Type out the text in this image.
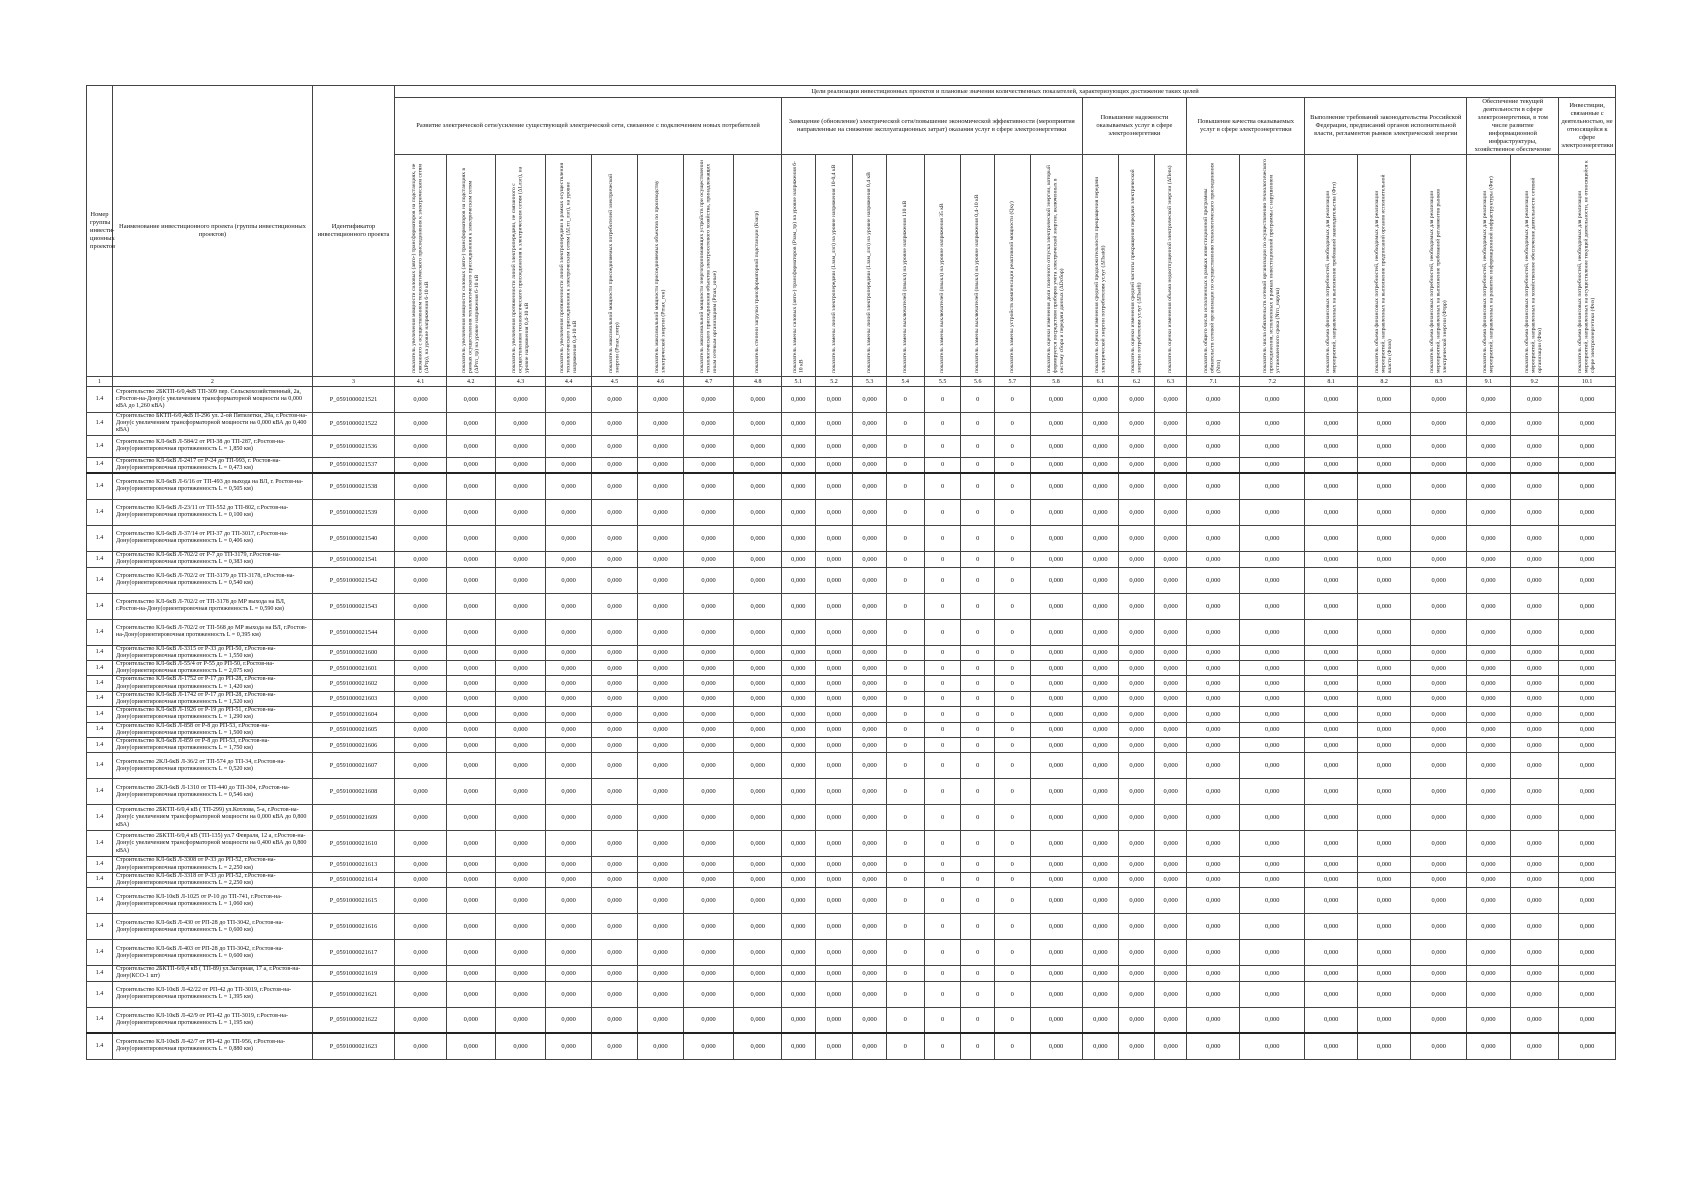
Номер группы инвести- ционных проектов	Наименование инвестиционного проекта (группы инвестиционных проектов)	Идентификатор инвестиционного проекта	Цели реализации инвестиционных проектов и плановые значения количественных показателей, характеризующих достижение таких целей																										
			Развитие электрической сети/усиление существующей электрической сети, связанное с подключением новых потребителей								Замещение (обновление) электрической сети/повышение экономической эффективности (мероприятия направленные на снижение эксплуатационных затрат) оказания услуг в сфере электроэнергетики								Повышение надежности оказываемых услуг в сфере электроэнергетики			Повышение качества оказываемых услуг в сфере электроэнергетики		Выполнение требований законодательства Российской Федерации, предписаний органов исполнительной власти, регламентов рынков электрической энергии			Обеспечение текущей деятельности в сфере электроэнергетики, в том числе развитие информационной инфраструктуры, хозяйственное обеспечение		Инвестиции, связанные с деятельностью, не относящейся к сфере электроэнергетики

			показатель увеличения мощности силовых (авто-) трансформаторов на подстанциях, не связанного с осуществлением технологического присоединения к электрическим сетям (ΔPтр), на уровне напряжения 6-10 кВ	показатель увеличения мощности силовых (авто-) трансформаторов на подстанциях в рамках осуществления технологического присоединения к электрическим сетям (ΔPтп_тр) на уровне напряжения 6-10 кВ	показатель увеличения протяженности линий электропередачи, не связанного с осуществлением технологического присоединения к электрическим сетям (ΔLлэп), на уровне напряжения 0,4-10 кВ	показатель увеличения протяженности линий электропередачи в рамках осуществления технологического присоединения к электрическим сетям (ΔLтп_лэп), на уровне напряжения 0,4-10 кВ	показатель максимальной мощности присоединяемых потребителей электрической энергии (Pmax_потр)	показатель максимальной мощности присоединяемых объектов по производству электрической энергии (Pmax_ген)	показатель максимальной мощности энергопринимающих устройств при осуществлении технологического присоединения объектов электросетевого хозяйства, принадлежащих иным сетевым организациям (Pmax_иные)	показатель степени загрузки трансформаторной подстанции (Кзагр)	показатель замены силовых (авто-) трансформаторов (Pзам_тр) на уровне напряжения 6-10 кВ	показатель замены линий электропередачи (Lзам_лэп) на уровне напряжения 10-0,4 кВ	показатель замены линий электропередачи (Lзам_лэп) на уровне напряжения 0,4 кВ	показатель замены выключателей (nвыкл) на уровне напряжения 110 кВ	показатель замены выключателей (nвыкл) на уровне напряжения 35 кВ	показатель замены выключателей (nвыкл) на уровне напряжения 0,4-10 кВ	показатель замены устройств компенсации реактивной мощности (Qку)	показатель оценки изменения доли полезного отпуска электрической энергии, который формируется посредством приборов учета электрической энергии, включенных в систему сбора и передачи данных (ΔDсбор)	показатель оценки изменения средней продолжительности прекращения передачи электрической энергии потребителям услуг (ΔПsaidi)	показатель оценки изменения средней частоты прекращения передачи электрической энергии потребителям услуг (ΔПsaifi)	показатель оценки изменения объема недоотпущенной электрической энергии (ΔПens)	показатель общего числа исполненных в рамках инвестиционной программы обязательств сетевой организации по осуществлению технологического присоединения (Nтп)	показатель числа обязательств сетевой организации по осуществлению технологического присоединения, исполненных в рамках инвестиционной программы с нарушением установленного срока (Nтп_наруш)	показатель объема финансовых потребностей, необходимых для реализации мероприятий, направленных на выполнение требований законодательства (Фтз)	показатель объема финансовых потребностей, необходимых для реализации мероприятий, направленных на выполнение предписаний органов исполнительной власти (Фпов)	показатель объема финансовых потребностей, необходимых для реализации мероприятий, направленных на выполнение требований регламентов рынков электрической энергии (Фтрр)	показатель объема финансовых потребностей, необходимых для реализации мероприятий, направленных на развитие информационной инфраструктуры (Фит)	показатель объема финансовых потребностей, необходимых для реализации мероприятий, направленных на хозяйственное обеспечение деятельности сетевой организации (Фхо)	показатель объема финансовых потребностей, необходимых для реализации мероприятий, направленных на осуществление текущей деятельности, не относящейся к сфере электроэнергетики (Фнэ)

1	2	3	4.1	4.2	4.3	4.4	4.5	4.6	4.7	4.8	5.1	5.2	5.3	5.4	5.5	5.6	5.7	5.8	6.1	6.2	6.3	7.1	7.2	8.1	8.2	8.3	9.1	9.2	10.1
1.4	Строительство 2БКТП-6/0,4кВ ТП-309 пер. Сельскохозяйственный, 2а, г.Ростов-на-Дону(с увеличением трансформаторной мощности на 0,000 кВА до 1,260 кВА)	P_0591000021521	0,000	0,000	0,000	0,000	0,000	0,000	0,000	0,000	0,000	0,000	0,000	0	0	0	0	0,000	0,000	0,000	0,000	0,000	0,000	0,000	0,000	0,000	0,000	0,000	0,000
1.4	Строительство БКТП-6/0,4кВ П-296 ул. 2-ой Пятилетки, 29а, г.Ростов-на-Дону(с увеличением трансформаторной мощности на 0,000 кВА до 0,400 кВА)	P_0591000021522	0,000	0,000	0,000	0,000	0,000	0,000	0,000	0,000	0,000	0,000	0,000	0	0	0	0	0,000	0,000	0,000	0,000	0,000	0,000	0,000	0,000	0,000	0,000	0,000	0,000
1.4	Строительство КЛ-6кВ Л-584/2 от РП-38 до ТП-287, г.Ростов-на-Дону(ориентировочная протяженность L = 1,850 км)	P_0591000021536	0,000	0,000	0,000	0,000	0,000	0,000	0,000	0,000	0,000	0,000	0,000	0	0	0	0	0,000	0,000	0,000	0,000	0,000	0,000	0,000	0,000	0,000	0,000	0,000	0,000
1.4	Строительство КЛ-6кВ Л-2417 от Р-24 до ТП-993, г. Ростов-на-Дону(ориентировочная протяженность L = 0,473 км)	P_0591000021537	0,000	0,000	0,000	0,000	0,000	0,000	0,000	0,000	0,000	0,000	0,000	0	0	0	0	0,000	0,000	0,000	0,000	0,000	0,000	0,000	0,000	0,000	0,000	0,000	0,000
1.4	Строительство КЛ-6кВ Л-6/16 от ТП-493 до выхода на ВЛ, г. Ростов-на-Дону(ориентировочная протяженность L = 0,505 км)	P_0591000021538	0,000	0,000	0,000	0,000	0,000	0,000	0,000	0,000	0,000	0,000	0,000	0	0	0	0	0,000	0,000	0,000	0,000	0,000	0,000	0,000	0,000	0,000	0,000	0,000	0,000
1.4	Строительство КЛ-6кВ Л-23/11 от ТП-552 до ТП-802, г.Ростов-на-Дону(ориентировочная протяженность L = 0,100 км)	P_0591000021539	0,000	0,000	0,000	0,000	0,000	0,000	0,000	0,000	0,000	0,000	0,000	0	0	0	0	0,000	0,000	0,000	0,000	0,000	0,000	0,000	0,000	0,000	0,000	0,000	0,000
1.4	Строительство КЛ-6кВ Л-37/14 от РП-37 до ТП-3017, г.Ростов-на-Дону(ориентировочная протяженность L = 0,406 км)	P_0591000021540	0,000	0,000	0,000	0,000	0,000	0,000	0,000	0,000	0,000	0,000	0,000	0	0	0	0	0,000	0,000	0,000	0,000	0,000	0,000	0,000	0,000	0,000	0,000	0,000	0,000
1.4	Строительство КЛ-6кВ Л-702/2 от Р-7 до ТП-3179, г.Ростов-на-Дону(ориентировочная протяженность L = 0,383 км)	P_0591000021541	0,000	0,000	0,000	0,000	0,000	0,000	0,000	0,000	0,000	0,000	0,000	0	0	0	0	0,000	0,000	0,000	0,000	0,000	0,000	0,000	0,000	0,000	0,000	0,000	0,000
1.4	Строительство КЛ-6кВ Л-702/2 от ТП-3179 до ТП-3178, г.Ростов-на-Дону(ориентировочная протяженность L = 0,540 км)	P_0591000021542	0,000	0,000	0,000	0,000	0,000	0,000	0,000	0,000	0,000	0,000	0,000	0	0	0	0	0,000	0,000	0,000	0,000	0,000	0,000	0,000	0,000	0,000	0,000	0,000	0,000
1.4	Строительство КЛ-6кВ Л-702/2 от ТП-3178 до МР выхода на ВЛ, г.Ростов-на-Дону(ориентировочная протяженность L = 0,590 км)	P_0591000021543	0,000	0,000	0,000	0,000	0,000	0,000	0,000	0,000	0,000	0,000	0,000	0	0	0	0	0,000	0,000	0,000	0,000	0,000	0,000	0,000	0,000	0,000	0,000	0,000	0,000
1.4	Строительство КЛ-6кВ Л-702/2 от ТП-568 до МР выхода на ВЛ, г.Ростов-на-Дону(ориентировочная протяженность L = 0,395 км)	P_0591000021544	0,000	0,000	0,000	0,000	0,000	0,000	0,000	0,000	0,000	0,000	0,000	0	0	0	0	0,000	0,000	0,000	0,000	0,000	0,000	0,000	0,000	0,000	0,000	0,000	0,000
1.4	Строительство КЛ-6кВ Л-3315 от Р-33 до РП-50, г.Ростов-на-Дону(ориентировочная протяженность L = 1,550 км)	P_0591000021600	0,000	0,000	0,000	0,000	0,000	0,000	0,000	0,000	0,000	0,000	0,000	0	0	0	0	0,000	0,000	0,000	0,000	0,000	0,000	0,000	0,000	0,000	0,000	0,000	0,000
1.4	Строительство КЛ-6кВ Л-55/4 от Р-55 до РП-50, г.Ростов-на-Дону(ориентировочная протяженность L = 2,075 км)	P_0591000021601	0,000	0,000	0,000	0,000	0,000	0,000	0,000	0,000	0,000	0,000	0,000	0	0	0	0	0,000	0,000	0,000	0,000	0,000	0,000	0,000	0,000	0,000	0,000	0,000	0,000
1.4	Строительство КЛ-6кВ Л-1752 от Р-17 до РП-28, г.Ростов-на-Дону(ориентировочная протяженность L = 1,420 км)	P_0591000021602	0,000	0,000	0,000	0,000	0,000	0,000	0,000	0,000	0,000	0,000	0,000	0	0	0	0	0,000	0,000	0,000	0,000	0,000	0,000	0,000	0,000	0,000	0,000	0,000	0,000
1.4	Строительство КЛ-6кВ Л-1742 от Р-17 до РП-28, г.Ростов-на-Дону(ориентировочная протяженность L = 1,520 км)	P_0591000021603	0,000	0,000	0,000	0,000	0,000	0,000	0,000	0,000	0,000	0,000	0,000	0	0	0	0	0,000	0,000	0,000	0,000	0,000	0,000	0,000	0,000	0,000	0,000	0,000	0,000
1.4	Строительство КЛ-6кВ Л-1926 от Р-19 до РП-51, г.Ростов-на-Дону(ориентировочная протяженность L = 1,290 км)	P_0591000021604	0,000	0,000	0,000	0,000	0,000	0,000	0,000	0,000	0,000	0,000	0,000	0	0	0	0	0,000	0,000	0,000	0,000	0,000	0,000	0,000	0,000	0,000	0,000	0,000	0,000
1.4	Строительство КЛ-6кВ Л-858 от Р-8 до РП-53, г.Ростов-на-Дону(ориентировочная протяженность L = 1,500 км)	P_0591000021605	0,000	0,000	0,000	0,000	0,000	0,000	0,000	0,000	0,000	0,000	0,000	0	0	0	0	0,000	0,000	0,000	0,000	0,000	0,000	0,000	0,000	0,000	0,000	0,000	0,000
1.4	Строительство КЛ-6кВ Л-859 от Р-8 до РП-53, г.Ростов-на-Дону(ориентировочная протяженность L = 1,750 км)	P_0591000021606	0,000	0,000	0,000	0,000	0,000	0,000	0,000	0,000	0,000	0,000	0,000	0	0	0	0	0,000	0,000	0,000	0,000	0,000	0,000	0,000	0,000	0,000	0,000	0,000	0,000
1.4	Строительство 2КЛ-6кВ Л-36/2 от ТП-574 до ТП-34, г.Ростов-на-Дону(ориентировочная протяженность L = 0,520 км)	P_0591000021607	0,000	0,000	0,000	0,000	0,000	0,000	0,000	0,000	0,000	0,000	0,000	0	0	0	0	0,000	0,000	0,000	0,000	0,000	0,000	0,000	0,000	0,000	0,000	0,000	0,000
1.4	Строительство 2КЛ-6кВ Л-1310 от ТП-440 до ТП-304, г.Ростов-на-Дону(ориентировочная протяженность L = 0,546 км)	P_0591000021608	0,000	0,000	0,000	0,000	0,000	0,000	0,000	0,000	0,000	0,000	0,000	0	0	0	0	0,000	0,000	0,000	0,000	0,000	0,000	0,000	0,000	0,000	0,000	0,000	0,000
1.4	Строительство 2БКТП-6/0,4 кВ ( ТП-299) ул.Котлова, 5-а, г.Ростов-на-Дону(с увеличением трансформаторной мощности на 0,000 кВА до 0,800 кВА)	P_0591000021609	0,000	0,000	0,000	0,000	0,000	0,000	0,000	0,000	0,000	0,000	0,000	0	0	0	0	0,000	0,000	0,000	0,000	0,000	0,000	0,000	0,000	0,000	0,000	0,000	0,000
1.4	Строительство 2БКТП-6/0,4 кВ (ТП-135) ул.7 Февраля, 12 а, г.Ростов-на-Дону(с увеличением трансформаторной мощности на 0,400 кВА до 0,800 кВА)	P_0591000021610	0,000	0,000	0,000	0,000	0,000	0,000	0,000	0,000	0,000	0,000	0,000	0	0	0	0	0,000	0,000	0,000	0,000	0,000	0,000	0,000	0,000	0,000	0,000	0,000	0,000
1.4	Строительство КЛ-6кВ Л-3308 от Р-33 до РП-52, г.Ростов-на-Дону(ориентировочная протяженность L = 2,250 км)	P_0591000021613	0,000	0,000	0,000	0,000	0,000	0,000	0,000	0,000	0,000	0,000	0,000	0	0	0	0	0,000	0,000	0,000	0,000	0,000	0,000	0,000	0,000	0,000	0,000	0,000	0,000
1.4	Строительство КЛ-6кВ Л-3318 от Р-33 до РП-52, г.Ростов-на-Дону(ориентировочная протяженность L = 2,250 км)	P_0591000021614	0,000	0,000	0,000	0,000	0,000	0,000	0,000	0,000	0,000	0,000	0,000	0	0	0	0	0,000	0,000	0,000	0,000	0,000	0,000	0,000	0,000	0,000	0,000	0,000	0,000
1.4	Строительство КЛ-10кВ Л-1025 от Р-10 до ТП-741, г.Ростов-на-Дону(ориентировочная протяженность L = 1,060 км)	P_0591000021615	0,000	0,000	0,000	0,000	0,000	0,000	0,000	0,000	0,000	0,000	0,000	0	0	0	0	0,000	0,000	0,000	0,000	0,000	0,000	0,000	0,000	0,000	0,000	0,000	0,000
1.4	Строительство КЛ-6кВ Л-430 от РП-28 до ТП-3042, г.Ростов-на-Дону(ориентировочная протяженность L = 0,600 км)	P_0591000021616	0,000	0,000	0,000	0,000	0,000	0,000	0,000	0,000	0,000	0,000	0,000	0	0	0	0	0,000	0,000	0,000	0,000	0,000	0,000	0,000	0,000	0,000	0,000	0,000	0,000
1.4	Строительство КЛ-6кВ Л-403 от РП-28 до ТП-3042, г.Ростов-на-Дону(ориентировочная протяженность L = 0,600 км)	P_0591000021617	0,000	0,000	0,000	0,000	0,000	0,000	0,000	0,000	0,000	0,000	0,000	0	0	0	0	0,000	0,000	0,000	0,000	0,000	0,000	0,000	0,000	0,000	0,000	0,000	0,000
1.4	Строительство 2БКТП-6/0,4 кВ ( ТП-89) ул.Загорная, 17 а, г.Ростов-на-Дону(КСО-1 шт)	P_0591000021619	0,000	0,000	0,000	0,000	0,000	0,000	0,000	0,000	0,000	0,000	0,000	0	0	0	0	0,000	0,000	0,000	0,000	0,000	0,000	0,000	0,000	0,000	0,000	0,000	0,000
1.4	Строительство КЛ-10кВ Л-42/22 от РП-42 до ТП-3019, г.Ростов-на-Дону(ориентировочная протяженность L = 1,395 км)	P_0591000021621	0,000	0,000	0,000	0,000	0,000	0,000	0,000	0,000	0,000	0,000	0,000	0	0	0	0	0,000	0,000	0,000	0,000	0,000	0,000	0,000	0,000	0,000	0,000	0,000	0,000
1.4	Строительство КЛ-10кВ Л-42/9 от РП-42 до ТП-3019, г.Ростов-на-Дону(ориентировочная протяженность L = 1,195 км)	P_0591000021622	0,000	0,000	0,000	0,000	0,000	0,000	0,000	0,000	0,000	0,000	0,000	0	0	0	0	0,000	0,000	0,000	0,000	0,000	0,000	0,000	0,000	0,000	0,000	0,000	0,000
1.4	Строительство КЛ-10кВ Л-42/7 от РП-42 до ТП-956, г.Ростов-на-Дону(ориентировочная протяженность L = 0,880 км)	P_0591000021623	0,000	0,000	0,000	0,000	0,000	0,000	0,000	0,000	0,000	0,000	0,000	0	0	0	0	0,000	0,000	0,000	0,000	0,000	0,000	0,000	0,000	0,000	0,000	0,000	0,000
